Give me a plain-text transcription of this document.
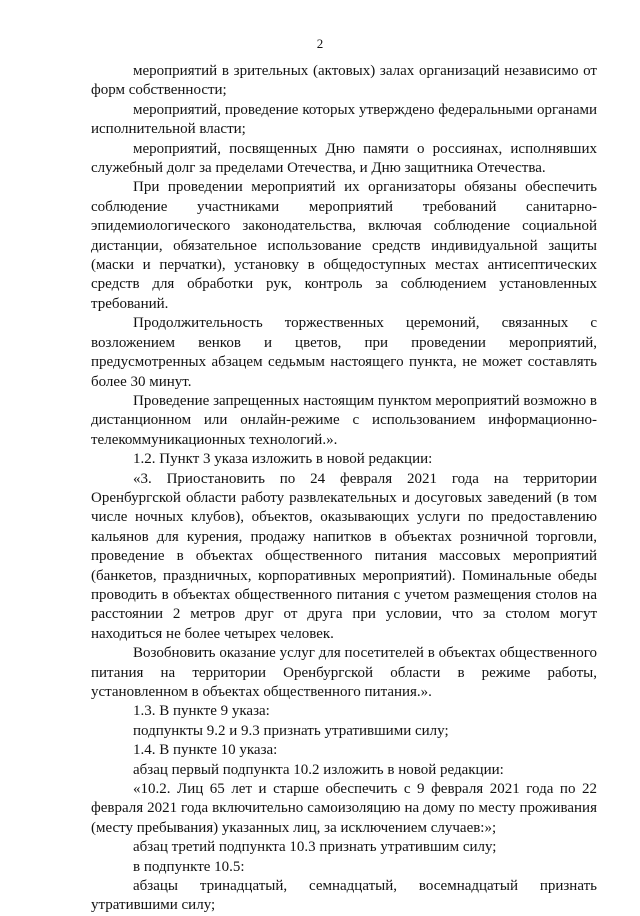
2

мероприятий в зрительных (актовых) залах организаций независимо от форм собственности;

мероприятий, проведение которых утверждено федеральными органами исполнительной власти;

мероприятий, посвященных Дню памяти о россиянах, исполнявших служебный долг за пределами Отечества, и Дню защитника Отечества.

При проведении мероприятий их организаторы обязаны обеспечить соблюдение участниками мероприятий требований санитарно-эпидемиологического законодательства, включая соблюдение социальной дистанции, обязательное использование средств индивидуальной защиты (маски и перчатки), установку в общедоступных местах антисептических средств для обработки рук, контроль за соблюдением установленных требований.

Продолжительность торжественных церемоний, связанных с возложением венков и цветов, при проведении мероприятий, предусмотренных абзацем седьмым настоящего пункта, не может составлять более 30 минут.

Проведение запрещенных настоящим пунктом мероприятий возможно в дистанционном или онлайн-режиме с использованием информационно-телекоммуникационных технологий.».

1.2. Пункт 3 указа изложить в новой редакции:

«3. Приостановить по 24 февраля 2021 года на территории Оренбургской области работу развлекательных и досуговых заведений (в том числе ночных клубов), объектов, оказывающих услуги по предоставлению кальянов для курения, продажу напитков в объектах розничной торговли, проведение в объектах общественного питания массовых мероприятий (банкетов, праздничных, корпоративных мероприятий). Поминальные обеды проводить в объектах общественного питания с учетом размещения столов на расстоянии 2 метров друг от друга при условии, что за столом могут находиться не более четырех человек.

Возобновить оказание услуг для посетителей в объектах общественного питания на территории Оренбургской области в режиме работы, установленном в объектах общественного питания.».

1.3. В пункте 9 указа:

подпункты 9.2 и 9.3 признать утратившими силу;

1.4. В пункте 10 указа:

абзац первый подпункта 10.2 изложить в новой редакции:

«10.2. Лиц 65 лет и старше обеспечить с 9 февраля 2021 года по 22 февраля 2021 года включительно самоизоляцию на дому по месту проживания (месту пребывания) указанных лиц, за исключением случаев:»;

абзац третий подпункта 10.3 признать утратившим силу;

в подпункте 10.5:

абзацы тринадцатый, семнадцатый, восемнадцатый признать утратившими силу;
